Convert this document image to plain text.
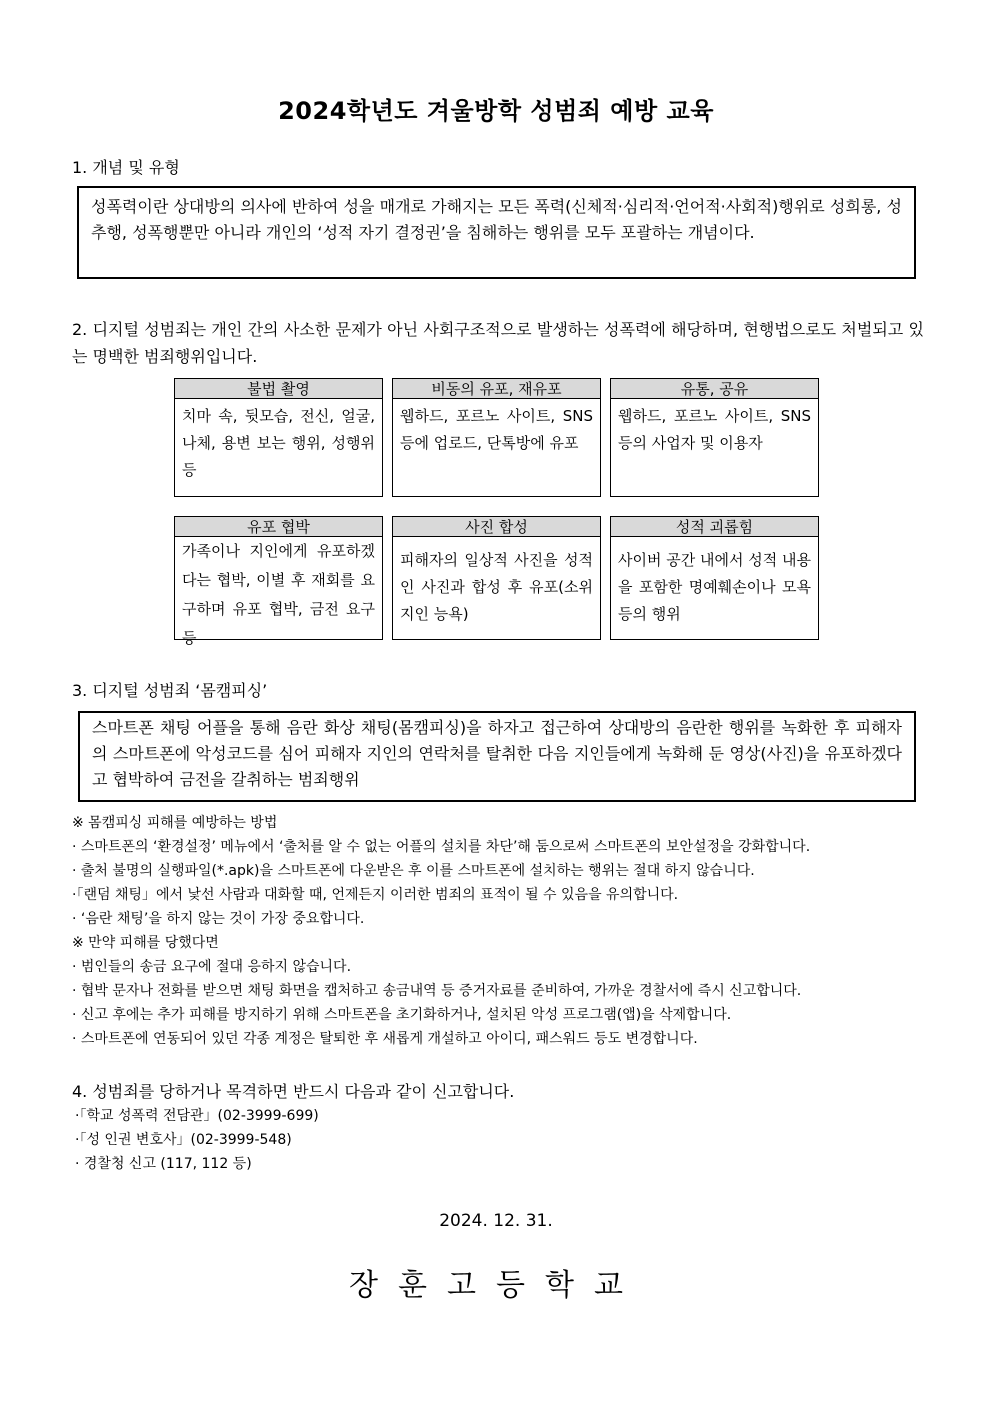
2024학년도 겨울방학 성범죄 예방 교육
1. 개념 및 유형
성폭력이란 상대방의 의사에 반하여 성을 매개로 가해지는 모든 폭력(신체적·심리적·언어적·사회적)행위로 성희롱, 성추행, 성폭행뿐만 아니라 개인의 ‘성적 자기 결정권’을 침해하는 행위를 모두 포괄하는 개념이다.
2. 디지털 성범죄는 개인 간의 사소한 문제가 아닌 사회구조적으로 발생하는 성폭력에 해당하며, 현행법으로도 처벌되고 있는 명백한 범죄행위입니다.
불법 촬영
치마 속, 뒷모습, 전신, 얼굴, 나체, 용변 보는 행위, 성행위 등
비동의 유포, 재유포
웹하드, 포르노 사이트, SNS 등에 업로드, 단톡방에 유포
유통, 공유
웹하드, 포르노 사이트, SNS 등의 사업자 및 이용자
유포 협박
가족이나 지인에게 유포하겠다는 협박, 이별 후 재회를 요구하며 유포 협박, 금전 요구 등
사진 합성
피해자의 일상적 사진을 성적인 사진과 합성 후 유포(소위 지인 능욕)
성적 괴롭힘
사이버 공간 내에서 성적 내용을 포함한 명예훼손이나 모욕 등의 행위
3. 디지털 성범죄 ‘몸캠피싱’
스마트폰 채팅 어플을 통해 음란 화상 채팅(몸캠피싱)을 하자고 접근하여 상대방의 음란한 행위를 녹화한 후 피해자의 스마트폰에 악성코드를 심어 피해자 지인의 연락처를 탈취한 다음 지인들에게 녹화해 둔 영상(사진)을 유포하겠다고 협박하여 금전을 갈취하는 범죄행위
※ 몸캠피싱 피해를 예방하는 방법
· 스마트폰의 ‘환경설정’ 메뉴에서 ‘출처를 알 수 없는 어플의 설치를 차단’해 둠으로써 스마트폰의 보안설정을 강화합니다.
· 출처 불명의 실행파일(*.apk)을 스마트폰에 다운받은 후 이를 스마트폰에 설치하는 행위는 절대 하지 않습니다.
·「랜덤 채팅」에서 낯선 사람과 대화할 때, 언제든지 이러한 범죄의 표적이 될 수 있음을 유의합니다.
· ‘음란 채팅’을 하지 않는 것이 가장 중요합니다.
※ 만약 피해를 당했다면
· 범인들의 송금 요구에 절대 응하지 않습니다.
· 협박 문자나 전화를 받으면 채팅 화면을 캡처하고 송금내역 등 증거자료를 준비하여, 가까운 경찰서에 즉시 신고합니다.
· 신고 후에는 추가 피해를 방지하기 위해 스마트폰을 초기화하거나, 설치된 악성 프로그램(앱)을 삭제합니다.
· 스마트폰에 연동되어 있던 각종 계정은 탈퇴한 후 새롭게 개설하고 아이디, 패스워드 등도 변경합니다.
4. 성범죄를 당하거나 목격하면 반드시 다음과 같이 신고합니다.
·「학교 성폭력 전담관」(02-3999-699)
·「성 인권 변호사」(02-3999-548)
· 경찰청 신고 (117, 112 등)
2024. 12. 31.
장훈고등학교
